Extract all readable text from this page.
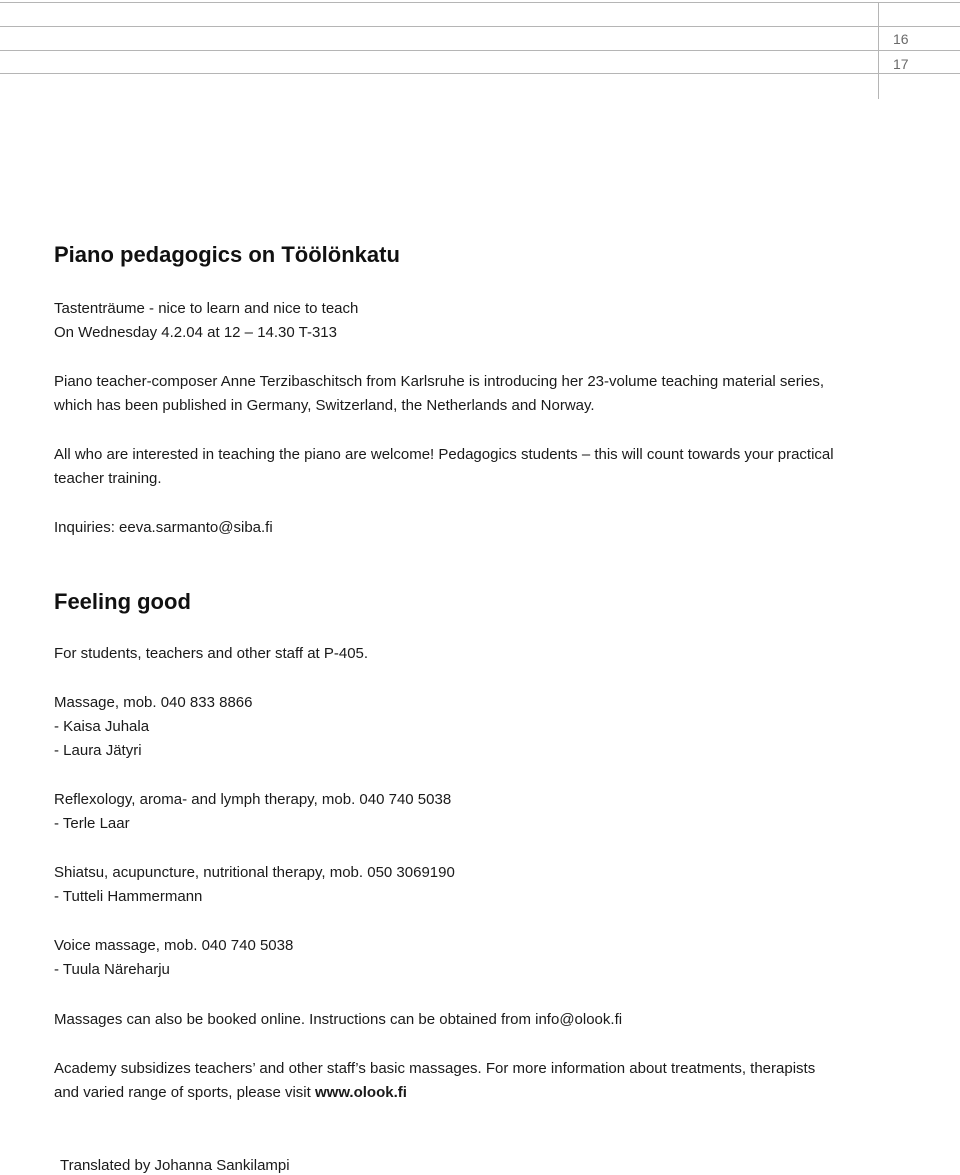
16
17
Piano pedagogics on Töölönkatu
Tastenträume - nice to learn and nice to teach
On Wednesday 4.2.04 at 12 – 14.30 T-313
Piano teacher-composer Anne Terzibaschitsch from Karlsruhe is introducing her 23-volume teaching material series,
which has been published in Germany, Switzerland, the Netherlands and Norway.
All who are interested in teaching the piano are welcome! Pedagogics students – this will count towards your practical
teacher training.
Inquiries: eeva.sarmanto@siba.fi
Feeling good
For students, teachers and other staff at P-405.
Massage, mob. 040 833 8866
- Kaisa Juhala
- Laura Jätyri
Reflexology, aroma- and lymph therapy, mob. 040 740 5038
- Terle Laar
Shiatsu, acupuncture, nutritional therapy, mob. 050 3069190
- Tutteli Hammermann
Voice massage, mob. 040 740 5038
- Tuula Näreharju
Massages can also be booked online. Instructions can be obtained from info@olook.fi
Academy subsidizes teachers’ and other staff’s basic massages. For more information about treatments, therapists
and varied range of sports, please visit www.olook.fi
Translated by Johanna Sankilampi
